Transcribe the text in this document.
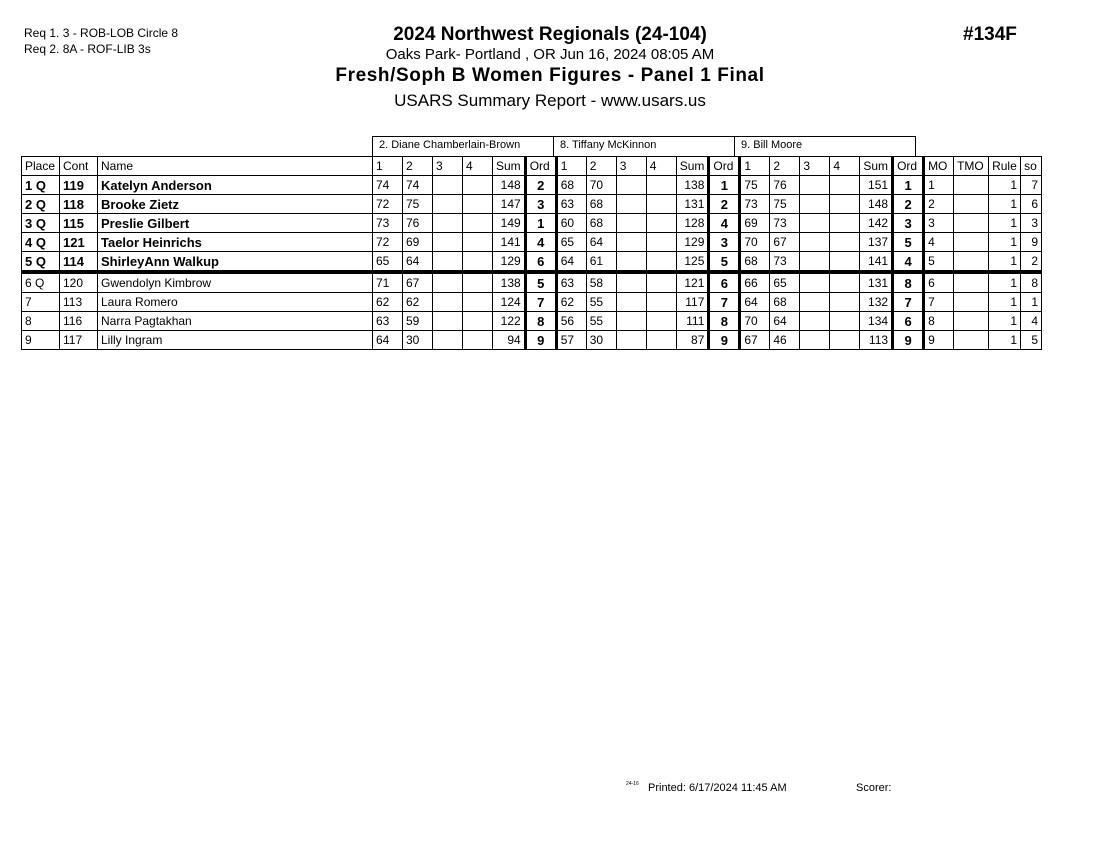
Req 1. 3 - ROB-LOB Circle 8
Req 2. 8A - ROF-LIB 3s
2024 Northwest Regionals (24-104)
Oaks Park- Portland , OR Jun 16, 2024 08:05 AM
Fresh/Soph B Women Figures - Panel 1 Final
USARS Summary Report - www.usars.us
#134F
2. Diane Chamberlain-Brown	8. Tiffany McKinnon	9. Bill Moore
Place	Cont	Name	1	2	3	4	Sum	Ord	1	2	3	4	Sum	Ord	1	2	3	4	Sum	Ord	MO	TMO	Rule	so
1 Q	119	Katelyn Anderson	74	74			148	2	68	70			138	1	75	76			151	1	1		1	7
2 Q	118	Brooke Zietz	72	75			147	3	63	68			131	2	73	75			148	2	2		1	6
3 Q	115	Preslie Gilbert	73	76			149	1	60	68			128	4	69	73			142	3	3		1	3
4 Q	121	Taelor Heinrichs	72	69			141	4	65	64			129	3	70	67			137	5	4		1	9
5 Q	114	ShirleyAnn Walkup	65	64			129	6	64	61			125	5	68	73			141	4	5		1	2
6 Q	120	Gwendolyn Kimbrow	71	67			138	5	63	58			121	6	66	65			131	8	6		1	8
7	113	Laura Romero	62	62			124	7	62	55			117	7	64	68			132	7	7		1	1
8	116	Narra Pagtakhan	63	59			122	8	56	55			111	8	70	64			134	6	8		1	4
9	117	Lilly Ingram	64	30			94	9	57	30			87	9	67	46			113	9	9		1	5
24-16 Printed: 6/17/2024 11:45 AM	Scorer:
